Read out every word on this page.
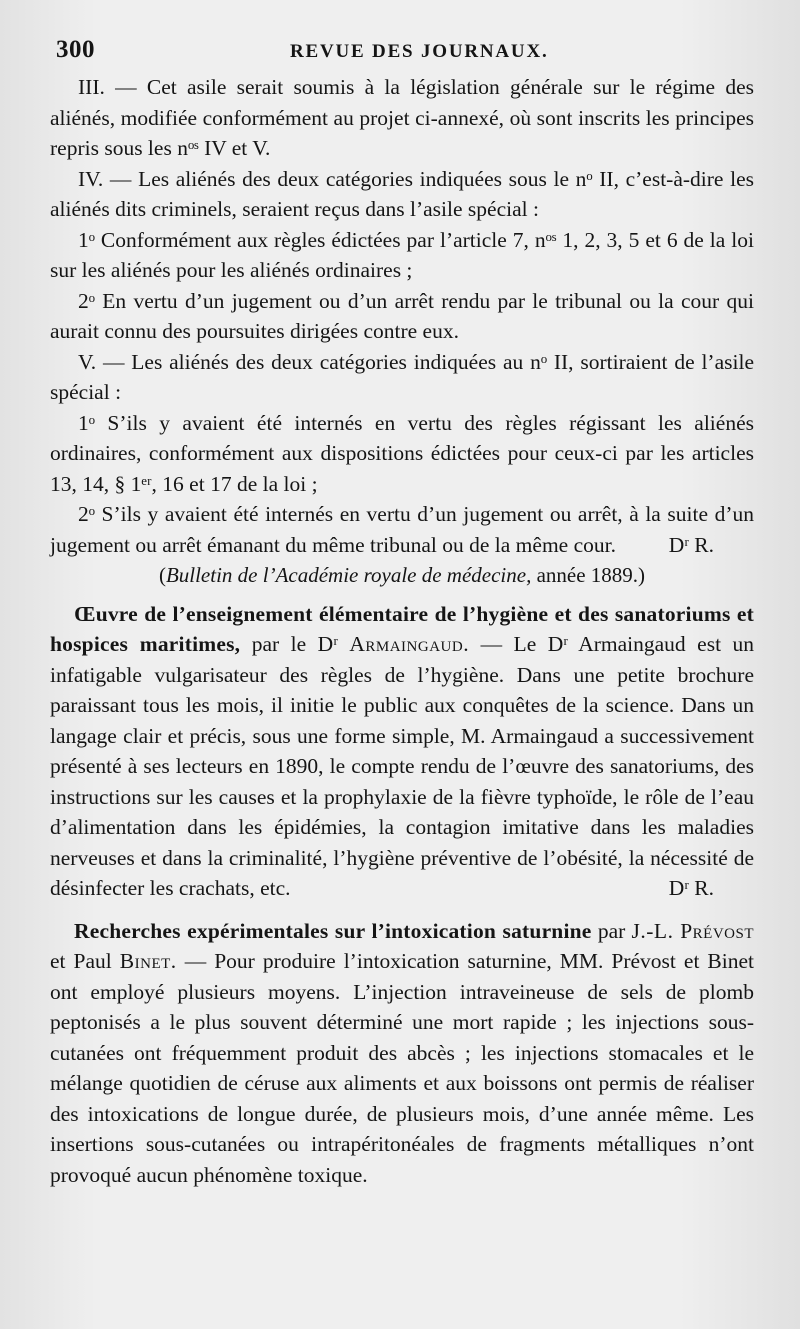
300	REVUE DES JOURNAUX.

III. — Cet asile serait soumis à la législation générale sur le régime des aliénés, modifiée conformément au projet ci-annexé, où sont inscrits les principes repris sous les nᵒˢ IV et V.

IV. — Les aliénés des deux catégories indiquées sous le nᵒ II, c’est-à-dire les aliénés dits criminels, seraient reçus dans l’asile spécial :

1ᵒ Conformément aux règles édictées par l’article 7, nᵒˢ 1, 2, 3, 5 et 6 de la loi sur les aliénés pour les aliénés ordinaires ;

2ᵒ En vertu d’un jugement ou d’un arrêt rendu par le tribunal ou la cour qui aurait connu des poursuites dirigées contre eux.

V. — Les aliénés des deux catégories indiquées au nᵒ II, sortiraient de l’asile spécial :

1ᵒ S’ils y avaient été internés en vertu des règles régissant les aliénés ordinaires, conformément aux dispositions édictées pour ceux-ci par les articles 13, 14, § 1ᵉʳ, 16 et 17 de la loi ;

2ᵒ S’ils y avaient été internés en vertu d’un jugement ou arrêt, à la suite d’un jugement ou arrêt émanant du même tribunal ou de la même cour.	Dʳ R.

(Bulletin de l’Académie royale de médecine, année 1889.)

Œuvre de l’enseignement élémentaire de l’hygiène et des sanatoriums et hospices maritimes, par le Dʳ Armaingaud. — Le Dʳ Armaingaud est un infatigable vulgarisateur des règles de l’hygiène. Dans une petite brochure paraissant tous les mois, il initie le public aux conquêtes de la science. Dans un langage clair et précis, sous une forme simple, M. Armaingaud a successivement présenté à ses lecteurs en 1890, le compte rendu de l’œuvre des sanatoriums, des instructions sur les causes et la prophylaxie de la fièvre typhoïde, le rôle de l’eau d’alimentation dans les épidémies, la contagion imitative dans les maladies nerveuses et dans la criminalité, l’hygiène préventive de l’obésité, la nécessité de désinfecter les crachats, etc.	Dʳ R.

Recherches expérimentales sur l’intoxication saturnine par J.-L. Prévost et Paul Binet. — Pour produire l’intoxication saturnine, MM. Prévost et Binet ont employé plusieurs moyens. L’injection intraveineuse de sels de plomb peptonisés a le plus souvent déterminé une mort rapide ; les injections sous-cutanées ont fréquemment produit des abcès ; les injections stomacales et le mélange quotidien de céruse aux aliments et aux boissons ont permis de réaliser des intoxications de longue durée, de plusieurs mois, d’une année même. Les insertions sous-cutanées ou intrapéritonéales de fragments métalliques n’ont provoqué aucun phénomène toxique.
